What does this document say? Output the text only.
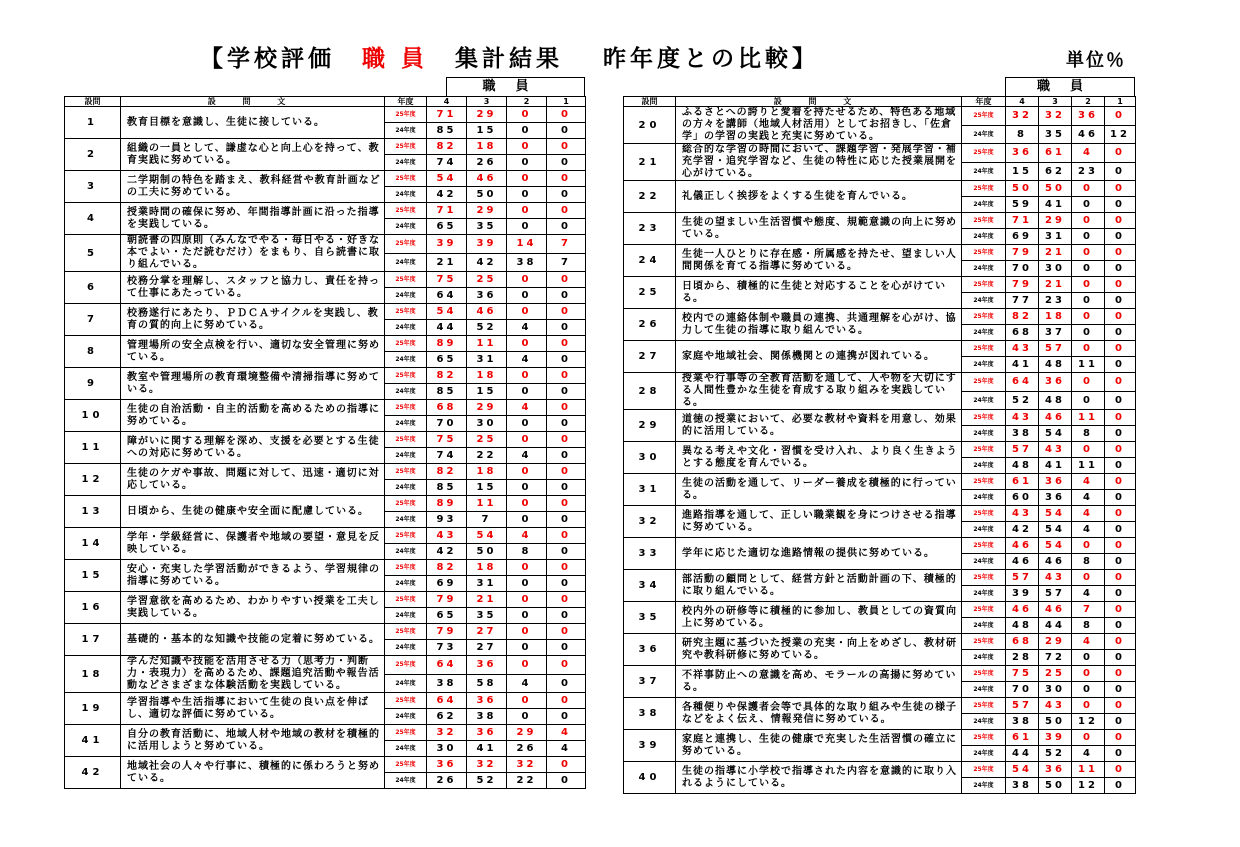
【学校評価　 職 員　 集計結果 昨年度との比較】	単位％
職員
設問	設 問 文	年度	4	3	2	1
1	教育目標を意識し、生徒に接している。	25年度	71	29	0	0
		24年度	85	15	0	0
2	組織の一員として、謙虚な心と向上心を持って、教育実践に努めている。	25年度	82	18	0	0
		24年度	74	26	0	0
3	二学期制の特色を踏まえ、教科経営や教育計画などの工夫に努めている。	25年度	54	46	0	0
		24年度	42	50	0	0
4	授業時間の確保に努め、年間指導計画に沿った指導を実践している。	25年度	71	29	0	0
		24年度	65	35	0	0
5	朝読書の四原則（みんなでやる・毎日やる・好きな本でよい・ただ読むだけ）をまもり、自ら読書に取り組んでいる。	25年度	39	39	14	7
		24年度	21	42	38	7
6	校務分掌を理解し、スタッフと協力し、責任を持って仕事にあたっている。	25年度	75	25	0	0
		24年度	64	36	0	0
7	校務遂行にあたり、ＰＤＣＡサイクルを実践し、教育の質的向上に努めている。	25年度	54	46	0	0
		24年度	44	52	4	0
8	管理場所の安全点検を行い、適切な安全管理に努めている。	25年度	89	11	0	0
		24年度	65	31	4	0
9	教室や管理場所の教育環境整備や清掃指導に努めている。	25年度	82	18	0	0
		24年度	85	15	0	0
10	生徒の自治活動・自主的活動を高めるための指導に努めている。	25年度	68	29	4	0
		24年度	70	30	0	0
11	障がいに関する理解を深め、支援を必要とする生徒への対応に努めている。	25年度	75	25	0	0
		24年度	74	22	4	0
12	生徒のケガや事故、問題に対して、迅速・適切に対応している。	25年度	82	18	0	0
		24年度	85	15	0	0
13	日頃から、生徒の健康や安全面に配慮している。	25年度	89	11	0	0
		24年度	93	7	0	0
14	学年・学級経営に、保護者や地域の要望・意見を反映している。	25年度	43	54	4	0
		24年度	42	50	8	0
15	安心・充実した学習活動ができるよう、学習規律の指導に努めている。	25年度	82	18	0	0
		24年度	69	31	0	0
16	学習意欲を高めるため、わかりやすい授業を工夫し実践している。	25年度	79	21	0	0
		24年度	65	35	0	0
17	基礎的・基本的な知識や技能の定着に努めている。	25年度	79	27	0	0
		24年度	73	27	0	0
18	学んだ知識や技能を活用させる力（思考力・判断力・表現力）を高めるため、課題追究活動や報告活動などさまざまな体験活動を実践している。	25年度	64	36	0	0
		24年度	38	58	4	0
19	学習指導や生活指導において生徒の良い点を伸ばし、適切な評価に努めている。	25年度	64	36	0	0
		24年度	62	38	0	0
41	自分の教育活動に、地域人材や地域の教材を積極的に活用しようと努めている。	25年度	32	36	29	4
		24年度	30	41	26	4
42	地域社会の人々や行事に、積極的に係わろうと努めている。	25年度	36	32	32	0
		24年度	26	52	22	0
職員
設問	設 問 文	年度	4	3	2	1
20	ふるさとへの誇りと愛着を持たせるため、特色ある地域の方々を講師（地域人材活用）としてお招きし、「佐倉学」の学習の実践と充実に努めている。	25年度	32	32	36	0
		24年度	8	35	46	12
21	総合的な学習の時間において、課題学習・発展学習・補充学習・追究学習など、生徒の特性に応じた授業展開を心がけている。	25年度	36	61	4	0
		24年度	15	62	23	0
22	礼儀正しく挨拶をよくする生徒を育んでいる。	25年度	50	50	0	0
		24年度	59	41	0	0
23	生徒の望ましい生活習慣や態度、規範意識の向上に努めている。	25年度	71	29	0	0
		24年度	69	31	0	0
24	生徒一人ひとりに存在感・所属感を持たせ、望ましい人間関係を育てる指導に努めている。	25年度	79	21	0	0
		24年度	70	30	0	0
25	日頃から、積極的に生徒と対応することを心がけている。	25年度	79	21	0	0
		24年度	77	23	0	0
26	校内での連絡体制や職員の連携、共通理解を心がけ、協力して生徒の指導に取り組んでいる。	25年度	82	18	0	0
		24年度	68	37	0	0
27	家庭や地域社会、関係機関との連携が図れている。	25年度	43	57	0	0
		24年度	41	48	11	0
28	授業や行事等の全教育活動を通して、人や物を大切にする人間性豊かな生徒を育成する取り組みを実践している。	25年度	64	36	0	0
		24年度	52	48	0	0
29	道徳の授業において、必要な教材や資料を用意し、効果的に活用している。	25年度	43	46	11	0
		24年度	38	54	8	0
30	異なる考えや文化・習慣を受け入れ、より良く生きようとする態度を育んでいる。	25年度	57	43	0	0
		24年度	48	41	11	0
31	生徒の活動を通して、リーダー養成を積極的に行っている。	25年度	61	36	4	0
		24年度	60	36	4	0
32	進路指導を通して、正しい職業観を身につけさせる指導に努めている。	25年度	43	54	4	0
		24年度	42	54	4	0
33	学年に応じた適切な進路情報の提供に努めている。	25年度	46	54	0	0
		24年度	46	46	8	0
34	部活動の顧問として、経営方針と活動計画の下、積極的に取り組んでいる。	25年度	57	43	0	0
		24年度	39	57	4	0
35	校内外の研修等に積極的に参加し、教員としての資質向上に努めている。	25年度	46	46	7	0
		24年度	48	44	8	0
36	研究主題に基づいた授業の充実・向上をめざし、教材研究や教科研修に努めている。	25年度	68	29	4	0
		24年度	28	72	0	0
37	不祥事防止への意識を高め、モラールの高揚に努めている。	25年度	75	25	0	0
		24年度	70	30	0	0
38	各種便りや保護者会等で具体的な取り組みや生徒の様子などをよく伝え、情報発信に努めている。	25年度	57	43	0	0
		24年度	38	50	12	0
39	家庭と連携し、生徒の健康で充実した生活習慣の確立に努めている。	25年度	61	39	0	0
		24年度	44	52	4	0
40	生徒の指導に小学校で指導された内容を意識的に取り入れるようにしている。	25年度	54	36	11	0
		24年度	38	50	12	0
